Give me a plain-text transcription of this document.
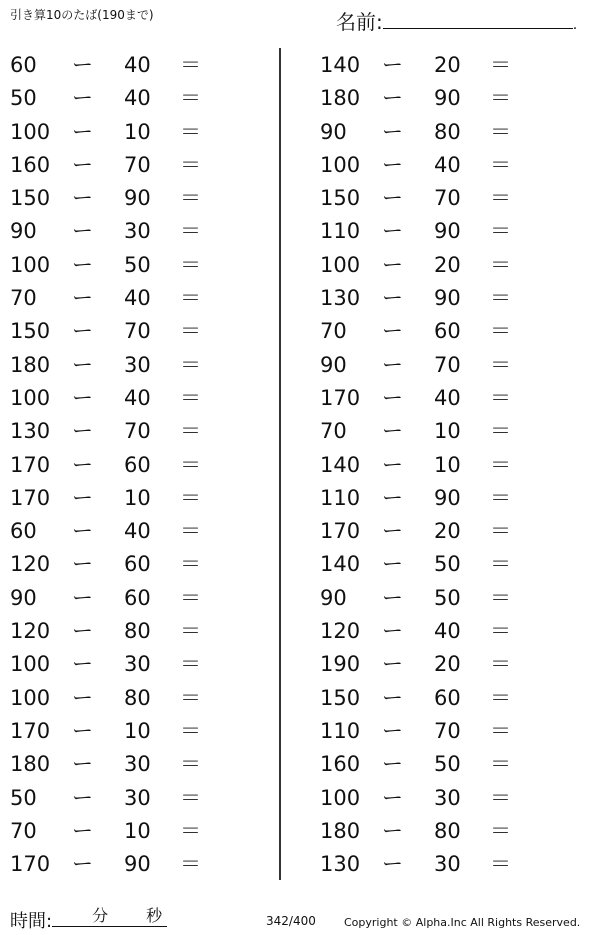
引き算10のたば(190まで)	名前:	.
60 ー 40 ＝
50 ー 40 ＝
100 ー 10 ＝
160 ー 70 ＝
150 ー 90 ＝
90 ー 30 ＝
100 ー 50 ＝
70 ー 40 ＝
150 ー 70 ＝
180 ー 30 ＝
100 ー 40 ＝
130 ー 70 ＝
170 ー 60 ＝
170 ー 10 ＝
60 ー 40 ＝
120 ー 60 ＝
90 ー 60 ＝
120 ー 80 ＝
100 ー 30 ＝
100 ー 80 ＝
170 ー 10 ＝
180 ー 30 ＝
50 ー 30 ＝
70 ー 10 ＝
170 ー 90 ＝
140 ー 20 ＝
180 ー 90 ＝
90 ー 80 ＝
100 ー 40 ＝
150 ー 70 ＝
110 ー 90 ＝
100 ー 20 ＝
130 ー 90 ＝
70 ー 60 ＝
90 ー 70 ＝
170 ー 40 ＝
70 ー 10 ＝
140 ー 10 ＝
110 ー 90 ＝
170 ー 20 ＝
140 ー 50 ＝
90 ー 50 ＝
120 ー 40 ＝
190 ー 20 ＝
150 ー 60 ＝
110 ー 70 ＝
160 ー 50 ＝
100 ー 30 ＝
180 ー 80 ＝
130 ー 30 ＝
時間:	分 秒	342/400	Copyright © Alpha.Inc All Rights Reserved.
